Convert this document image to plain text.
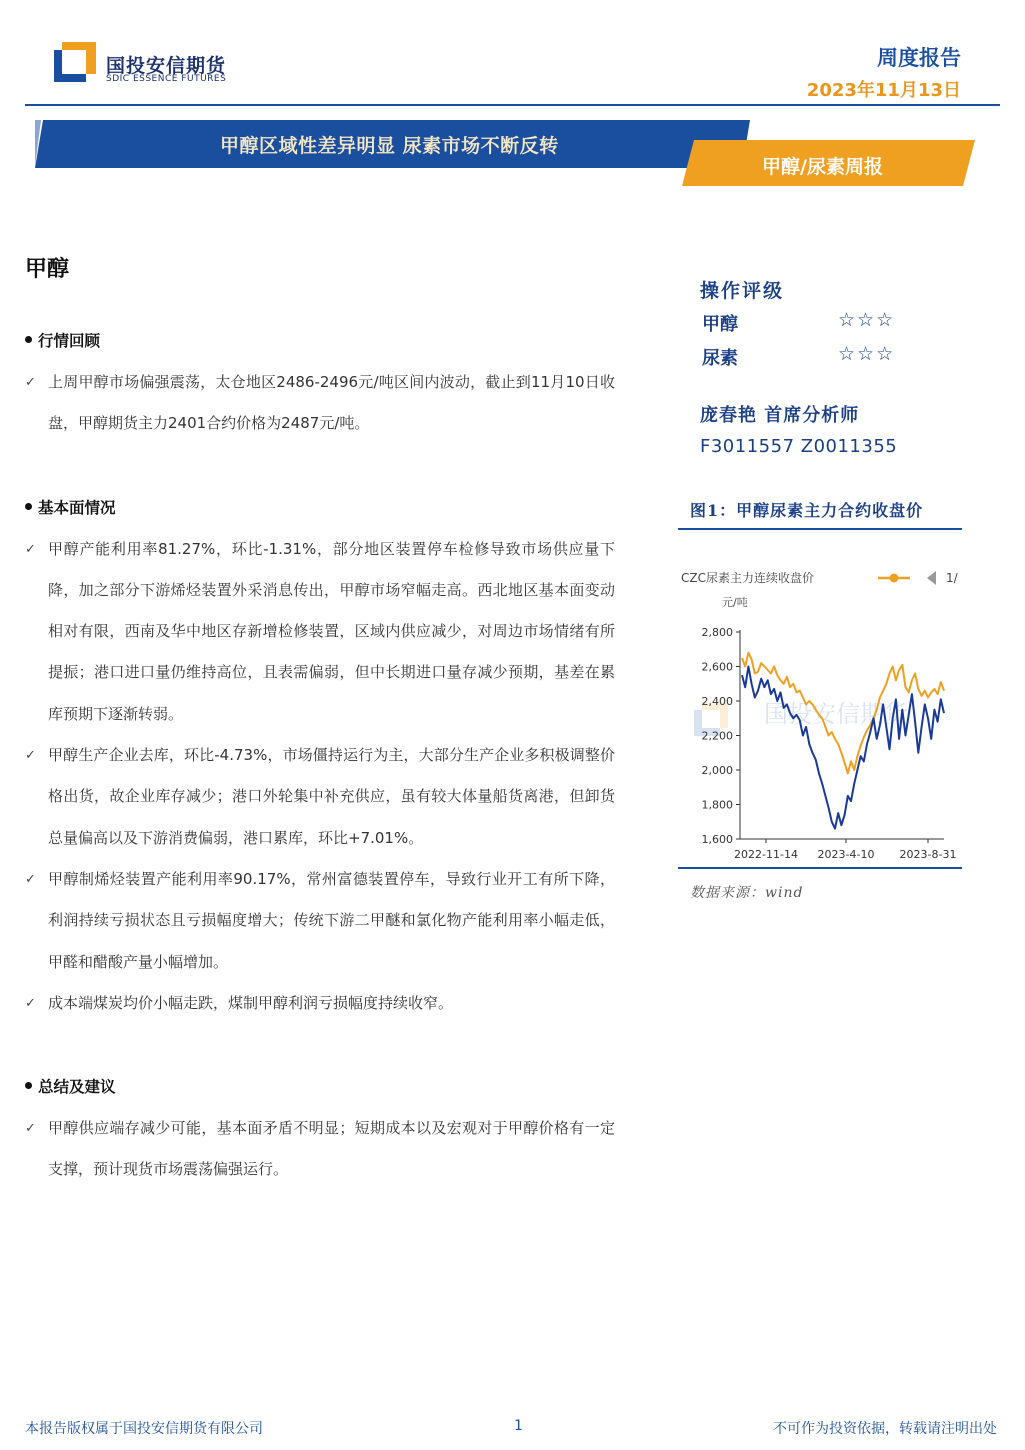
国投安信期货
SDIC ESSENCE FUTURES
周度报告
2023年11月13日
甲醇区域性差异明显 尿素市场不断反转
甲醇/尿素周报
甲醇
行情回顾
✓ 上周甲醇市场偏强震荡，太仓地区2486-2496元/吨区间内波动，截止到11月10日收盘，甲醇期货主力2401合约价格为2487元/吨。
基本面情况
✓ 甲醇产能利用率81.27%，环比-1.31%，部分地区装置停车检修导致市场供应量下降，加之部分下游烯烃装置外采消息传出，甲醇市场窄幅走高。西北地区基本面变动相对有限，西南及华中地区存新增检修装置，区域内供应减少，对周边市场情绪有所提振；港口进口量仍维持高位，且表需偏弱，但中长期进口量存减少预期，基差在累库预期下逐渐转弱。
✓ 甲醇生产企业去库，环比-4.73%，市场僵持运行为主，大部分生产企业多积极调整价格出货，故企业库存减少；港口外轮集中补充供应，虽有较大体量船货离港，但卸货总量偏高以及下游消费偏弱，港口累库，环比+7.01%。
✓ 甲醇制烯烃装置产能利用率90.17%，常州富德装置停车，导致行业开工有所下降，利润持续亏损状态且亏损幅度增大；传统下游二甲醚和氯化物产能利用率小幅走低，甲醛和醋酸产量小幅增加。
✓ 成本端煤炭均价小幅走跌，煤制甲醇利润亏损幅度持续收窄。
总结及建议
✓ 甲醇供应端存减少可能，基本面矛盾不明显；短期成本以及宏观对于甲醇价格有一定支撑，预计现货市场震荡偏强运行。
操作评级
甲醇	☆☆☆
尿素	☆☆☆
庞春艳 首席分析师
F3011557 Z0011355
图1：甲醇尿素主力合约收盘价
CZC尿素主力连续收盘价	1/
元/吨
国投安信期货
1,600
1,800
2,000
2,200
2,400
2,600
2,800
2022-11-14 2023-4-10 2023-8-31
数据来源：wind
本报告版权属于国投安信期货有限公司	1	不可作为投资依据，转载请注明出处
